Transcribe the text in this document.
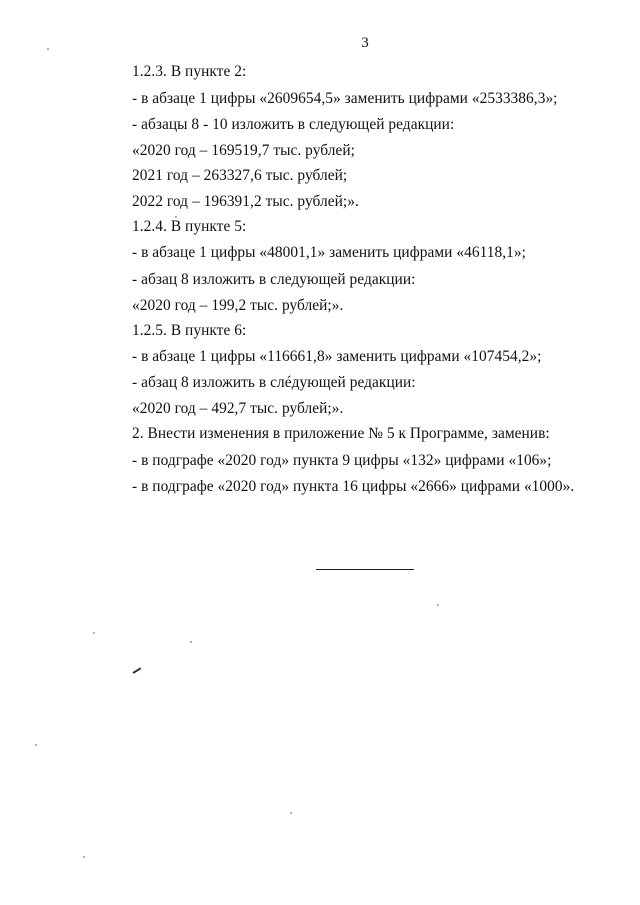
3
1.2.3. В пункте 2:
- в абзаце 1 цифры «2609654,5» заменить цифрами «2533386,3»;
- абзацы 8 - 10 изложить в следующей редакции:
«2020 год – 169519,7 тыс. рублей;
2021 год – 263327,6 тыс. рублей;
2022 год – 196391,2 тыс. рублей;».
1.2.4. В пункте 5:
- в абзаце 1 цифры «48001,1» заменить цифрами «46118,1»;
- абзац 8 изложить в следующей редакции:
«2020 год – 199,2 тыс. рублей;».
1.2.5. В пункте 6:
- в абзаце 1 цифры «116661,8» заменить цифрами «107454,2»;
- абзац 8 изложить в слéдующей редакции:
«2020 год – 492,7 тыс. рублей;».
2. Внести изменения в приложение № 5 к Программе, заменив:
- в подграфе «2020 год» пункта 9 цифры «132» цифрами «106»;
- в подграфе «2020 год» пункта 16 цифры «2666» цифрами «1000».
